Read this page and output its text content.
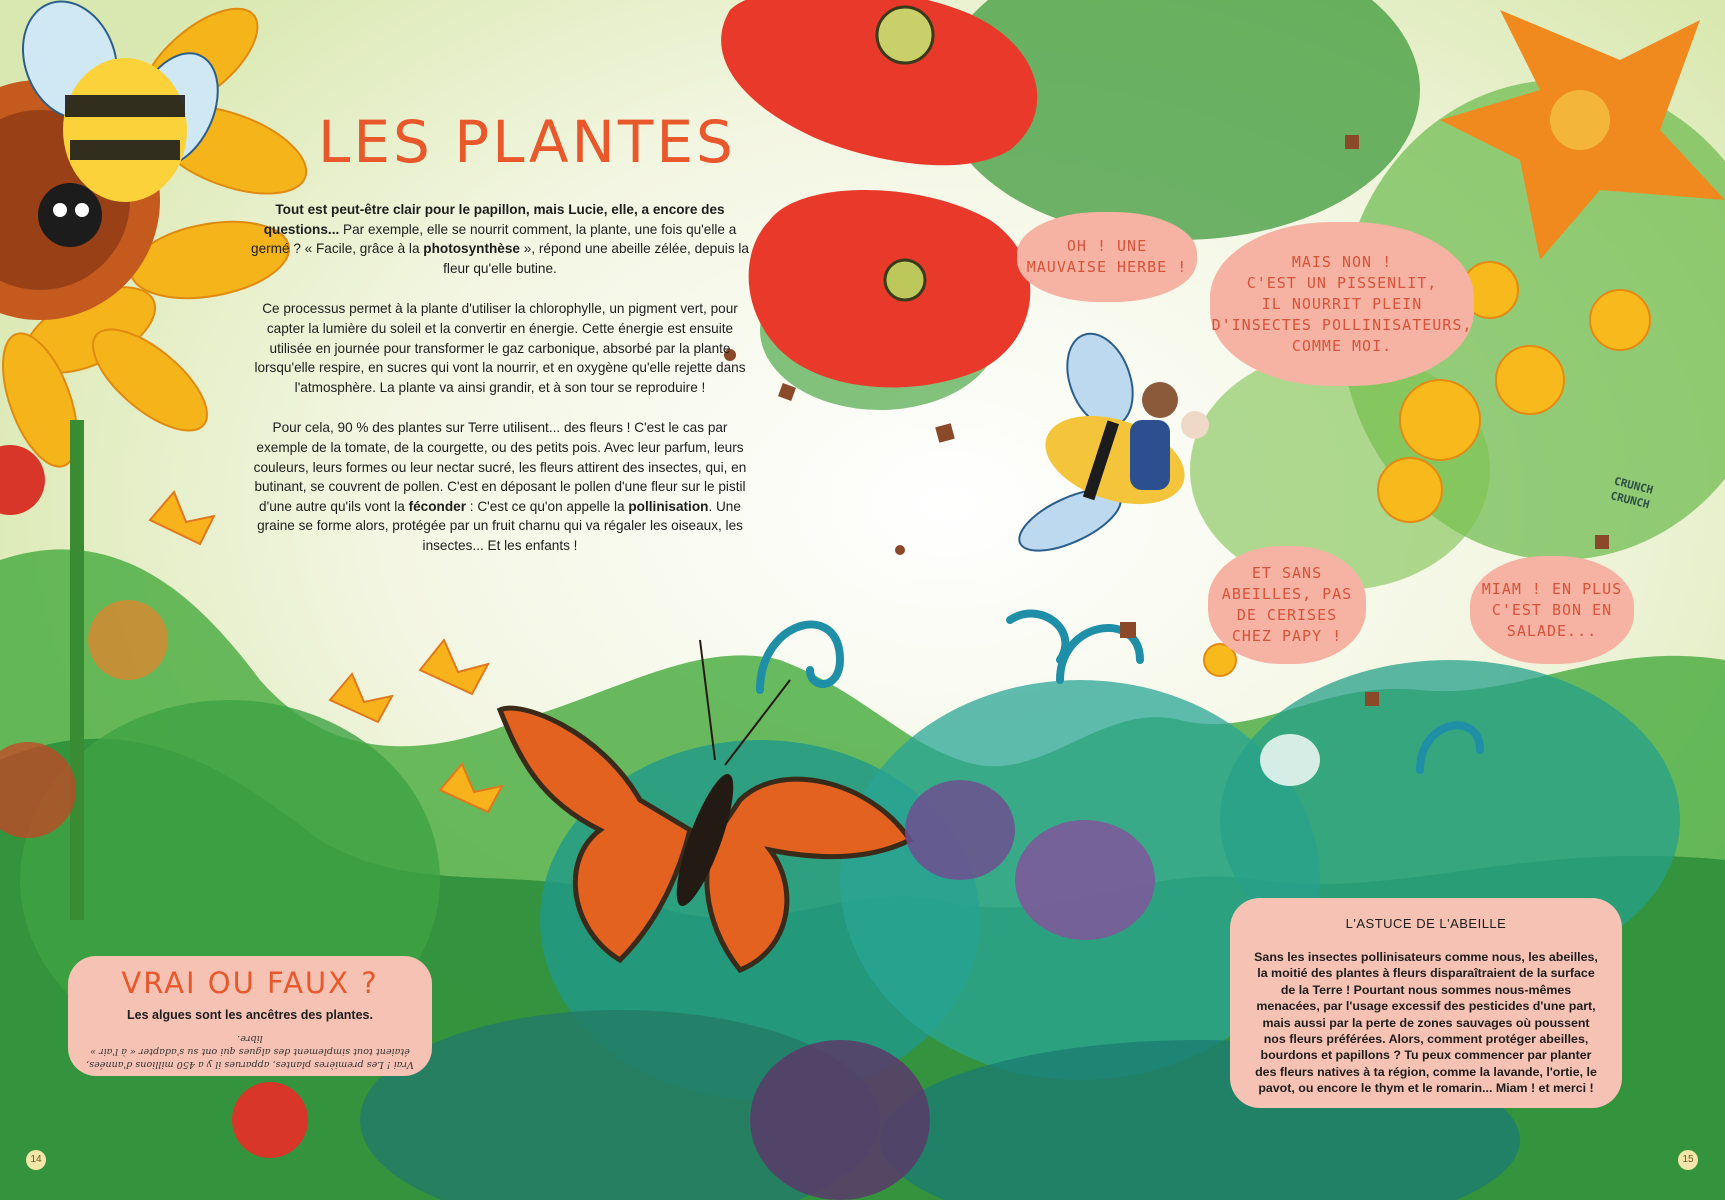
LES PLANTES

Tout est peut-être clair pour le papillon, mais Lucie, elle, a encore des questions... Par exemple, elle se nourrit comment, la plante, une fois qu'elle a germé ? « Facile, grâce à la photosynthèse », répond une abeille zélée, depuis la fleur qu'elle butine.

Ce processus permet à la plante d'utiliser la chlorophylle, un pigment vert, pour capter la lumière du soleil et la convertir en énergie. Cette énergie est ensuite utilisée en journée pour transformer le gaz carbonique, absorbé par la plante lorsqu'elle respire, en sucres qui vont la nourrir, et en oxygène qu'elle rejette dans l'atmosphère. La plante va ainsi grandir, et à son tour se reproduire !

Pour cela, 90 % des plantes sur Terre utilisent... des fleurs ! C'est le cas par exemple de la tomate, de la courgette, ou des petits pois. Avec leur parfum, leurs couleurs, leurs formes ou leur nectar sucré, les fleurs attirent des insectes, qui, en butinant, se couvrent de pollen. C'est en déposant le pollen d'une fleur sur le pistil d'une autre qu'ils vont la féconder : C'est ce qu'on appelle la pollinisation. Une graine se forme alors, protégée par un fruit charnu qui va régaler les oiseaux, les insectes... Et les enfants !

OH ! UNE
MAUVAISE HERBE !	MAIS NON !
C'EST UN PISSENLIT,
IL NOURRIT PLEIN
D'INSECTES POLLINISATEURS,
COMME MOI.
ET SANS
ABEILLES, PAS
DE CERISES
CHEZ PAPY !
MIAM ! EN PLUS
C'EST BON EN
SALADE...
CRUNCH
CRUNCH
VRAI OU FAUX ?
Les algues sont les ancêtres des plantes.
Vrai ! Les premières plantes, apparues il y a 450 millions d'années, étaient tout simplement des algues qui ont su s'adapter « à l'air » libre.
L'ASTUCE DE L'ABEILLE
Sans les insectes pollinisateurs comme nous, les abeilles, la moitié des plantes à fleurs disparaîtraient de la surface de la Terre ! Pourtant nous sommes nous-mêmes menacées, par l'usage excessif des pesticides d'une part, mais aussi par la perte de zones sauvages où poussent nos fleurs préférées. Alors, comment protéger abeilles, bourdons et papillons ? Tu peux commencer par planter des fleurs natives à ta région, comme la lavande, l'ortie, le pavot, ou encore le thym et le romarin... Miam ! et merci !
14	15
